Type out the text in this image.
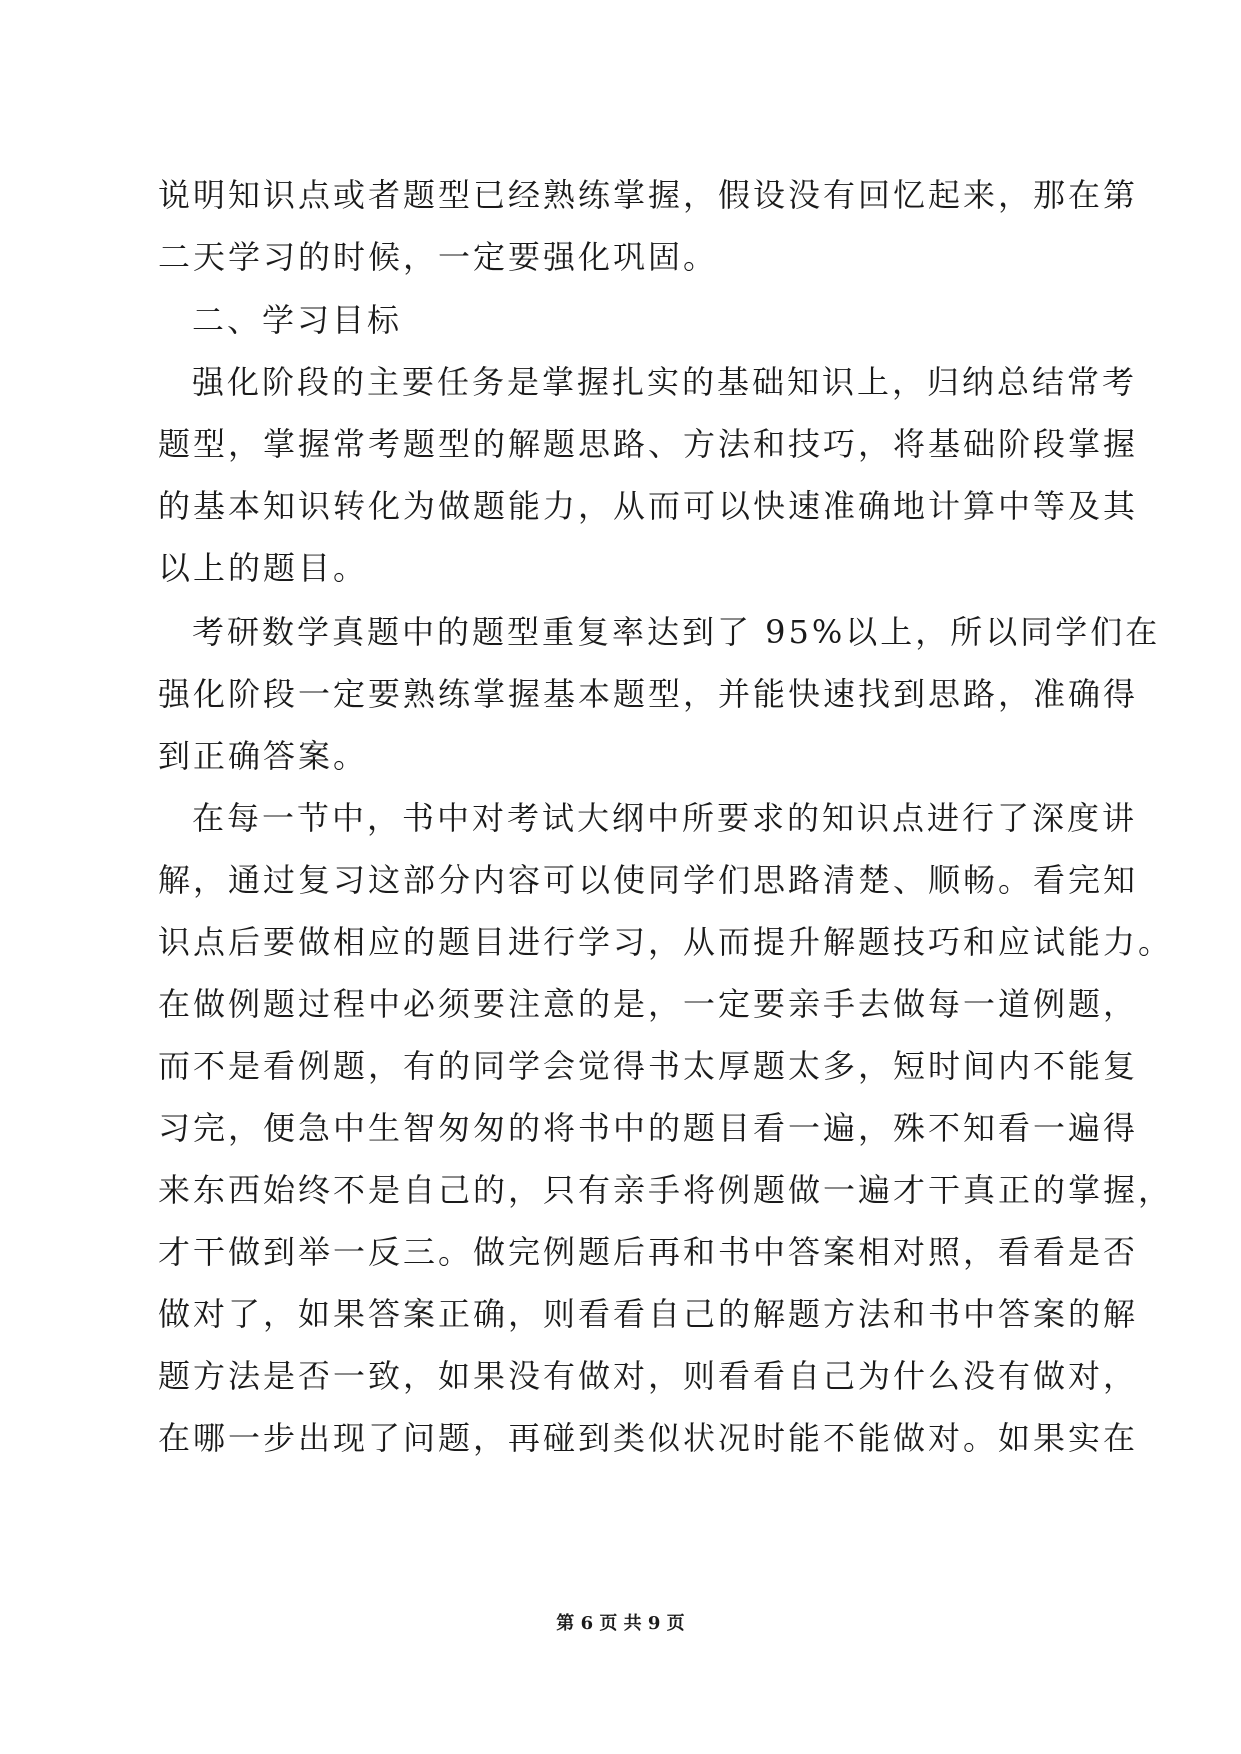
说明知识点或者题型已经熟练掌握，假设没有回忆起来，那在第
二天学习的时候，一定要强化巩固。
二、学习目标
强化阶段的主要任务是掌握扎实的基础知识上，归纳总结常考
题型，掌握常考题型的解题思路、方法和技巧，将基础阶段掌握
的基本知识转化为做题能力，从而可以快速准确地计算中等及其
以上的题目。
考研数学真题中的题型重复率达到了 95%以上，所以同学们在
强化阶段一定要熟练掌握基本题型，并能快速找到思路，准确得
到正确答案。
在每一节中，书中对考试大纲中所要求的知识点进行了深度讲
解，通过复习这部分内容可以使同学们思路清楚、顺畅。看完知
识点后要做相应的题目进行学习，从而提升解题技巧和应试能力。
在做例题过程中必须要注意的是，一定要亲手去做每一道例题，
而不是看例题，有的同学会觉得书太厚题太多，短时间内不能复
习完，便急中生智匆匆的将书中的题目看一遍，殊不知看一遍得
来东西始终不是自己的，只有亲手将例题做一遍才干真正的掌握，
才干做到举一反三。做完例题后再和书中答案相对照，看看是否
做对了，如果答案正确，则看看自己的解题方法和书中答案的解
题方法是否一致，如果没有做对，则看看自己为什么没有做对，
在哪一步出现了问题，再碰到类似状况时能不能做对。如果实在
第 6 页 共 9 页
